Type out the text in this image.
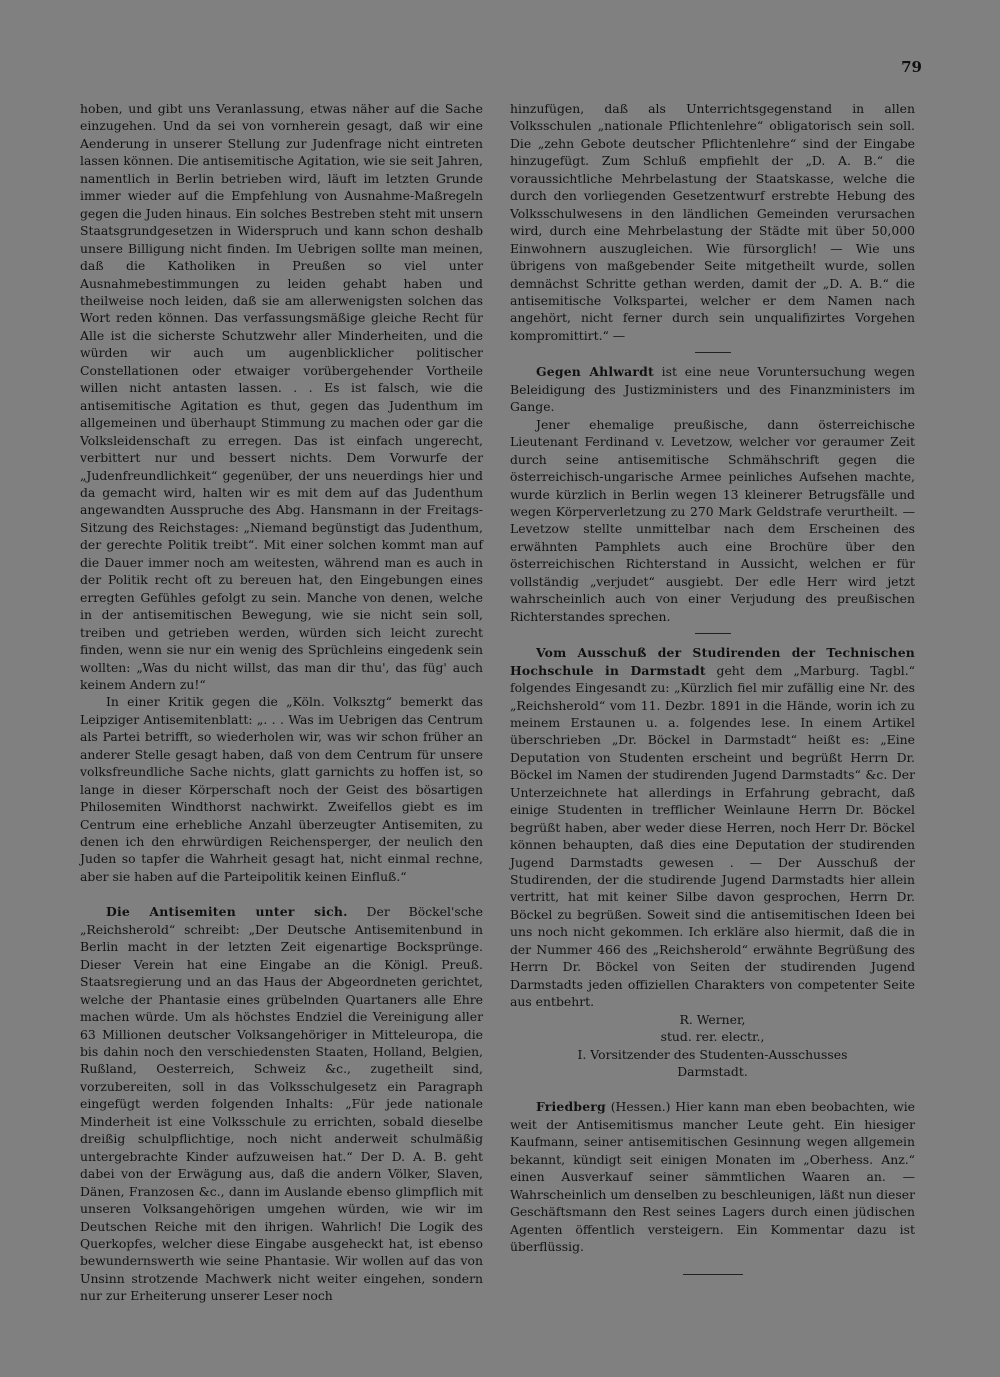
79

hoben, und gibt uns Veranlassung, etwas näher auf die Sache einzugehen. Und da sei von vornherein gesagt, daß wir eine Aenderung in unserer Stellung zur Judenfrage nicht eintreten lassen können. Die antisemitische Agitation, wie sie seit Jahren, namentlich in Berlin betrieben wird, läuft im letzten Grunde immer wieder auf die Empfehlung von Ausnahme-Maßregeln gegen die Juden hinaus. Ein solches Bestreben steht mit unsern Staatsgrundgesetzen in Widerspruch und kann schon deshalb unsere Billigung nicht finden. Im Uebrigen sollte man meinen, daß die Katholiken in Preußen so viel unter Ausnahmebestimmungen zu leiden gehabt haben und theilweise noch leiden, daß sie am allerwenigsten solchen das Wort reden können. Das verfassungsmäßige gleiche Recht für Alle ist die sicherste Schutzwehr aller Minderheiten, und die würden wir auch um augenblicklicher politischer Constellationen oder etwaiger vorübergehender Vortheile willen nicht antasten lassen. . . Es ist falsch, wie die antisemitische Agitation es thut, gegen das Judenthum im allgemeinen und überhaupt Stimmung zu machen oder gar die Volksleidenschaft zu erregen. Das ist einfach ungerecht, verbittert nur und bessert nichts. Dem Vorwurfe der „Judenfreundlichkeit“ gegenüber, der uns neuerdings hier und da gemacht wird, halten wir es mit dem auf das Judenthum angewandten Ausspruche des Abg. Hansmann in der Freitags-Sitzung des Reichstages: „Niemand begünstigt das Judenthum, der gerechte Politik treibt“. Mit einer solchen kommt man auf die Dauer immer noch am weitesten, während man es auch in der Politik recht oft zu bereuen hat, den Eingebungen eines erregten Gefühles gefolgt zu sein. Manche von denen, welche in der antisemitischen Bewegung, wie sie nicht sein soll, treiben und getrieben werden, würden sich leicht zurecht finden, wenn sie nur ein wenig des Sprüchleins eingedenk sein wollten: „Was du nicht willst, das man dir thu', das füg' auch keinem Andern zu!“

In einer Kritik gegen die „Köln. Volksztg“ bemerkt das Leipziger Antisemitenblatt: „. . . Was im Uebrigen das Centrum als Partei betrifft, so wiederholen wir, was wir schon früher an anderer Stelle gesagt haben, daß von dem Centrum für unsere volksfreundliche Sache nichts, glatt garnichts zu hoffen ist, so lange in dieser Körperschaft noch der Geist des bösartigen Philosemiten Windthorst nachwirkt. Zweifellos giebt es im Centrum eine erhebliche Anzahl überzeugter Antisemiten, zu denen ich den ehrwürdigen Reichensperger, der neulich den Juden so tapfer die Wahrheit gesagt hat, nicht einmal rechne, aber sie haben auf die Parteipolitik keinen Einfluß.“

Die Antisemiten unter sich. Der Böckel'sche „Reichsherold“ schreibt: „Der Deutsche Antisemitenbund in Berlin macht in der letzten Zeit eigenartige Bocksprünge. Dieser Verein hat eine Eingabe an die Königl. Preuß. Staatsregierung und an das Haus der Abgeordneten gerichtet, welche der Phantasie eines grübelnden Quartaners alle Ehre machen würde. Um als höchstes Endziel die Vereinigung aller 63 Millionen deutscher Volksangehöriger in Mitteleuropa, die bis dahin noch den verschiedensten Staaten, Holland, Belgien, Rußland, Oesterreich, Schweiz &c., zugetheilt sind, vorzubereiten, soll in das Volksschulgesetz ein Paragraph eingefügt werden folgenden Inhalts: „Für jede nationale Minderheit ist eine Volksschule zu errichten, sobald dieselbe dreißig schulpflichtige, noch nicht anderweit schulmäßig untergebrachte Kinder aufzuweisen hat.“ Der D. A. B. geht dabei von der Erwägung aus, daß die andern Völker, Slaven, Dänen, Franzosen &c., dann im Auslande ebenso glimpflich mit unseren Volksangehörigen umgehen würden, wie wir im Deutschen Reiche mit den ihrigen. Wahrlich! Die Logik des Querkopfes, welcher diese Eingabe ausgeheckt hat, ist ebenso bewundernswerth wie seine Phantasie. Wir wollen auf das von Unsinn strotzende Machwerk nicht weiter eingehen, sondern nur zur Erheiterung unserer Leser noch

hinzufügen, daß als Unterrichtsgegenstand in allen Volksschulen „nationale Pflichtenlehre“ obligatorisch sein soll. Die „zehn Gebote deutscher Pflichtenlehre“ sind der Eingabe hinzugefügt. Zum Schluß empfiehlt der „D. A. B.“ die voraussichtliche Mehrbelastung der Staatskasse, welche die durch den vorliegenden Gesetzentwurf erstrebte Hebung des Volksschulwesens in den ländlichen Gemeinden verursachen wird, durch eine Mehrbelastung der Städte mit über 50,000 Einwohnern auszugleichen. Wie fürsorglich! — Wie uns übrigens von maßgebender Seite mitgetheilt wurde, sollen demnächst Schritte gethan werden, damit der „D. A. B.“ die antisemitische Volkspartei, welcher er dem Namen nach angehört, nicht ferner durch sein unqualifizirtes Vorgehen kompromittirt.“ —

Gegen Ahlwardt ist eine neue Voruntersuchung wegen Beleidigung des Justizministers und des Finanzministers im Gange.

Jener ehemalige preußische, dann österreichische Lieutenant Ferdinand v. Levetzow, welcher vor geraumer Zeit durch seine antisemitische Schmähschrift gegen die österreichisch-ungarische Armee peinliches Aufsehen machte, wurde kürzlich in Berlin wegen 13 kleinerer Betrugsfälle und wegen Körperverletzung zu 270 Mark Geldstrafe verurtheilt. — Levetzow stellte unmittelbar nach dem Erscheinen des erwähnten Pamphlets auch eine Brochüre über den österreichischen Richterstand in Aussicht, welchen er für vollständig „verjudet“ ausgiebt. Der edle Herr wird jetzt wahrscheinlich auch von einer Verjudung des preußischen Richterstandes sprechen.

Vom Ausschuß der Studirenden der Technischen Hochschule in Darmstadt geht dem „Marburg. Tagbl.“ folgendes Eingesandt zu: „Kürzlich fiel mir zufällig eine Nr. des „Reichsherold“ vom 11. Dezbr. 1891 in die Hände, worin ich zu meinem Erstaunen u. a. folgendes lese. In einem Artikel überschrieben „Dr. Böckel in Darmstadt“ heißt es: „Eine Deputation von Studenten erscheint und begrüßt Herrn Dr. Böckel im Namen der studirenden Jugend Darmstadts“ &c. Der Unterzeichnete hat allerdings in Erfahrung gebracht, daß einige Studenten in trefflicher Weinlaune Herrn Dr. Böckel begrüßt haben, aber weder diese Herren, noch Herr Dr. Böckel können behaupten, daß dies eine Deputation der studirenden Jugend Darmstadts gewesen . — Der Ausschuß der Studirenden, der die studirende Jugend Darmstadts hier allein vertritt, hat mit keiner Silbe davon gesprochen, Herrn Dr. Böckel zu begrüßen. Soweit sind die antisemitischen Ideen bei uns noch nicht gekommen. Ich erkläre also hiermit, daß die in der Nummer 466 des „Reichsherold“ erwähnte Begrüßung des Herrn Dr. Böckel von Seiten der studirenden Jugend Darmstadts jeden offiziellen Charakters von competenter Seite aus entbehrt.

R. Werner,
stud. rer. electr.,
I. Vorsitzender des Studenten-Ausschusses
Darmstadt.

Friedberg (Hessen.) Hier kann man eben beobachten, wie weit der Antisemitismus mancher Leute geht. Ein hiesiger Kaufmann, seiner antisemitischen Gesinnung wegen allgemein bekannt, kündigt seit einigen Monaten im „Oberhess. Anz.“ einen Ausverkauf seiner sämmtlichen Waaren an. — Wahrscheinlich um denselben zu beschleunigen, läßt nun dieser Geschäftsmann den Rest seines Lagers durch einen jüdischen Agenten öffentlich versteigern. Ein Kommentar dazu ist überflüssig.
